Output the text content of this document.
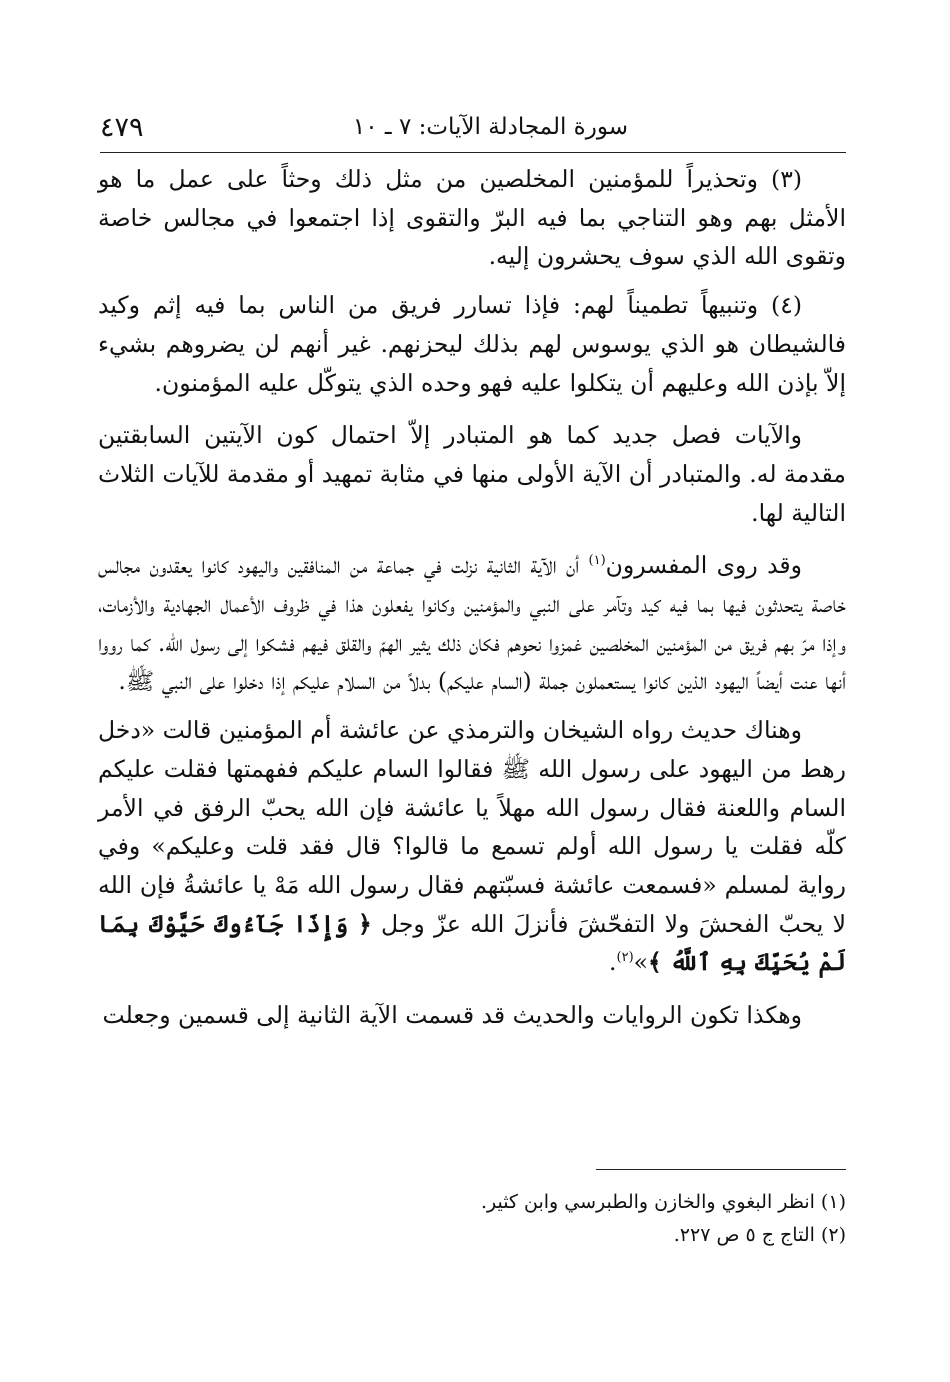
سورة المجادلة الآيات: ٧ ـ ١٠
٤٧٩

(٣) وتحذيراً للمؤمنين المخلصين من مثل ذلك وحثاً على عمل ما هو الأمثل بهم وهو التناجي بما فيه البرّ والتقوى إذا اجتمعوا في مجالس خاصة وتقوى الله الذي سوف يحشرون إليه.

(٤) وتنبيهاً تطميناً لهم: فإذا تسارر فريق من الناس بما فيه إثم وكيد فالشيطان هو الذي يوسوس لهم بذلك ليحزنهم. غير أنهم لن يضروهم بشيء إلاّ بإذن الله وعليهم أن يتكلوا عليه فهو وحده الذي يتوكّل عليه المؤمنون.

والآيات فصل جديد كما هو المتبادر إلاّ احتمال كون الآيتين السابقتين مقدمة له. والمتبادر أن الآية الأولى منها في مثابة تمهيد أو مقدمة للآيات الثلاث التالية لها.

وقد روى المفسرون$^{(١)}$ أن الآية الثانية نزلت في جماعة من المنافقين واليهود كانوا يعقدون مجالس خاصة يتحدثون فيها بما فيه كيد وتآمر على النبي والمؤمنين وكانوا يفعلون هذا في ظروف الأعمال الجهادية والأزمات، وإذا مرّ بهم فريق من المؤمنين المخلصين غمزوا نحوهم فكان ذلك يثير الهمّ والقلق فيهم فشكوا إلى رسول الله. كما رووا أنها عنت أيضاً اليهود الذين كانوا يستعملون جملة (السام عليكم) بدلاً من السلام عليكم إذا دخلوا على النبي ﷺ.

وهناك حديث رواه الشيخان والترمذي عن عائشة أم المؤمنين قالت «دخل رهط من اليهود على رسول الله ﷺ فقالوا السام عليكم ففهمتها فقلت عليكم السام واللعنة فقال رسول الله مهلاً يا عائشة فإن الله يحبّ الرفق في الأمر كلّه فقلت يا رسول الله أولم تسمع ما قالوا؟ قال فقد قلت وعليكم» وفي رواية لمسلم «فسمعت عائشة فسبّتهم فقال رسول الله مَهْ يا عائشةُ فإن الله لا يحبّ الفحشَ ولا التفحّشَ فأنزلَ الله عزّ وجل ﴿ وَإِذَا جَآءُوكَ حَيَّوْكَ بِمَا لَمْ يُحَيِّكَ بِهِ ٱللَّهُ ﴾»$^{(٢)}$.

وهكذا تكون الروايات والحديث قد قسمت الآية الثانية إلى قسمين وجعلت

(١) انظر البغوي والخازن والطبرسي وابن كثير.
(٢) التاج ج ٥ ص ٢٢٧.
